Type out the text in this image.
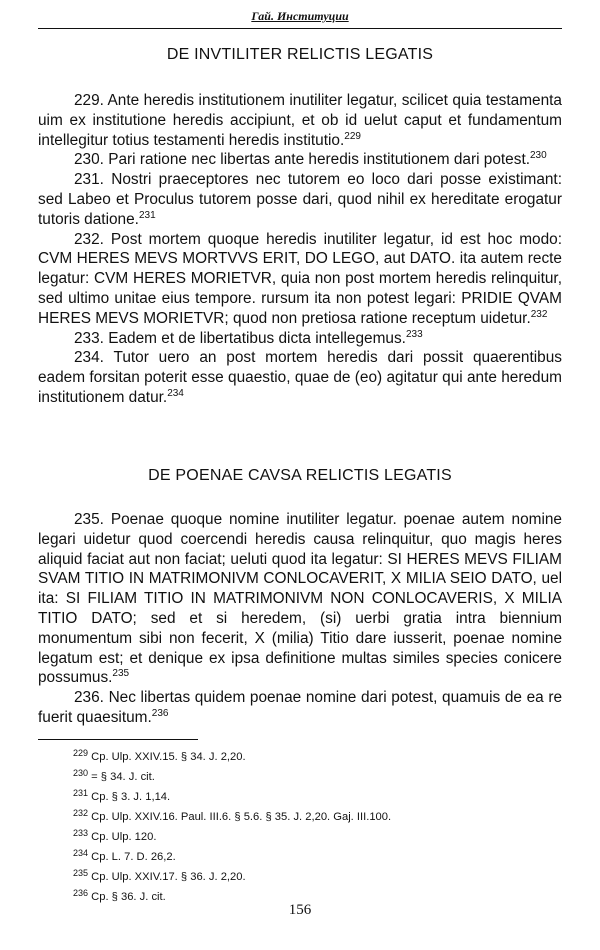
Гай. Институции
DE INVTILITER RELICTIS LEGATIS

229. Ante heredis institutionem inutiliter legatur, scilicet quia testamenta uim ex institutione heredis accipiunt, et ob id uelut caput et fundamentum intellegitur totius testamenti heredis institutio.$^{229}$

230. Pari ratione nec libertas ante heredis institutionem dari potest.$^{230}$

231. Nostri praeceptores nec tutorem eo loco dari posse existimant: sed Labeo et Proculus tutorem posse dari, quod nihil ex hereditate erogatur tutoris datione.$^{231}$

232. Post mortem quoque heredis inutiliter legatur, id est hoc modo: CVM HERES MEVS MORTVVS ERIT, DO LEGO, aut DATO. ita autem recte legatur: CVM HERES MORIETVR, quia non post mortem heredis relinquitur, sed ultimo unitae eius tempore. rursum ita non potest legari: PRIDIE QVAM HERES MEVS MORIETVR; quod non pretiosa ratione receptum uidetur.$^{232}$

233. Eadem et de libertatibus dicta intellegemus.$^{233}$

234. Tutor uero an post mortem heredis dari possit quaerentibus eadem forsitan poterit esse quaestio, quae de (eo) agitatur qui ante heredum institutionem datur.$^{234}$

DE POENAE CAVSA RELICTIS LEGATIS

235. Poenae quoque nomine inutiliter legatur. poenae autem nomine legari uidetur quod coercendi heredis causa relinquitur, quo magis heres aliquid faciat aut non faciat; ueluti quod ita legatur: SI HERES MEVS FILIAM SVAM TITIO IN MATRIMONIVM CONLOCAVERIT, X MILIA SEIO DATO, uel ita: SI FILIAM TITIO IN MATRIMONIVM NON CONLOCAVERIS, X MILIA TITIO DATO; sed et si heredem, (si) uerbi gratia intra biennium monumentum sibi non fecerit, X (milia) Titio dare iusserit, poenae nomine legatum est; et denique ex ipsa definitione multas similes species conicere possumus.$^{235}$

236. Nec libertas quidem poenae nomine dari potest, quamuis de ea re fuerit quaesitum.$^{236}$

$^{229}$ Cp. Ulp. XXIV.15. § 34. J. 2,20.
$^{230}$ = § 34. J. cit.
$^{231}$ Cp. § 3. J. 1,14.
$^{232}$ Cp. Ulp. XXIV.16. Paul. III.6. § 5.6. § 35. J. 2,20. Gaj. III.100.
$^{233}$ Cp. Ulp. 120.
$^{234}$ Cp. L. 7. D. 26,2.
$^{235}$ Cp. Ulp. XXIV.17. § 36. J. 2,20.
$^{236}$ Cp. § 36. J. cit.
156
